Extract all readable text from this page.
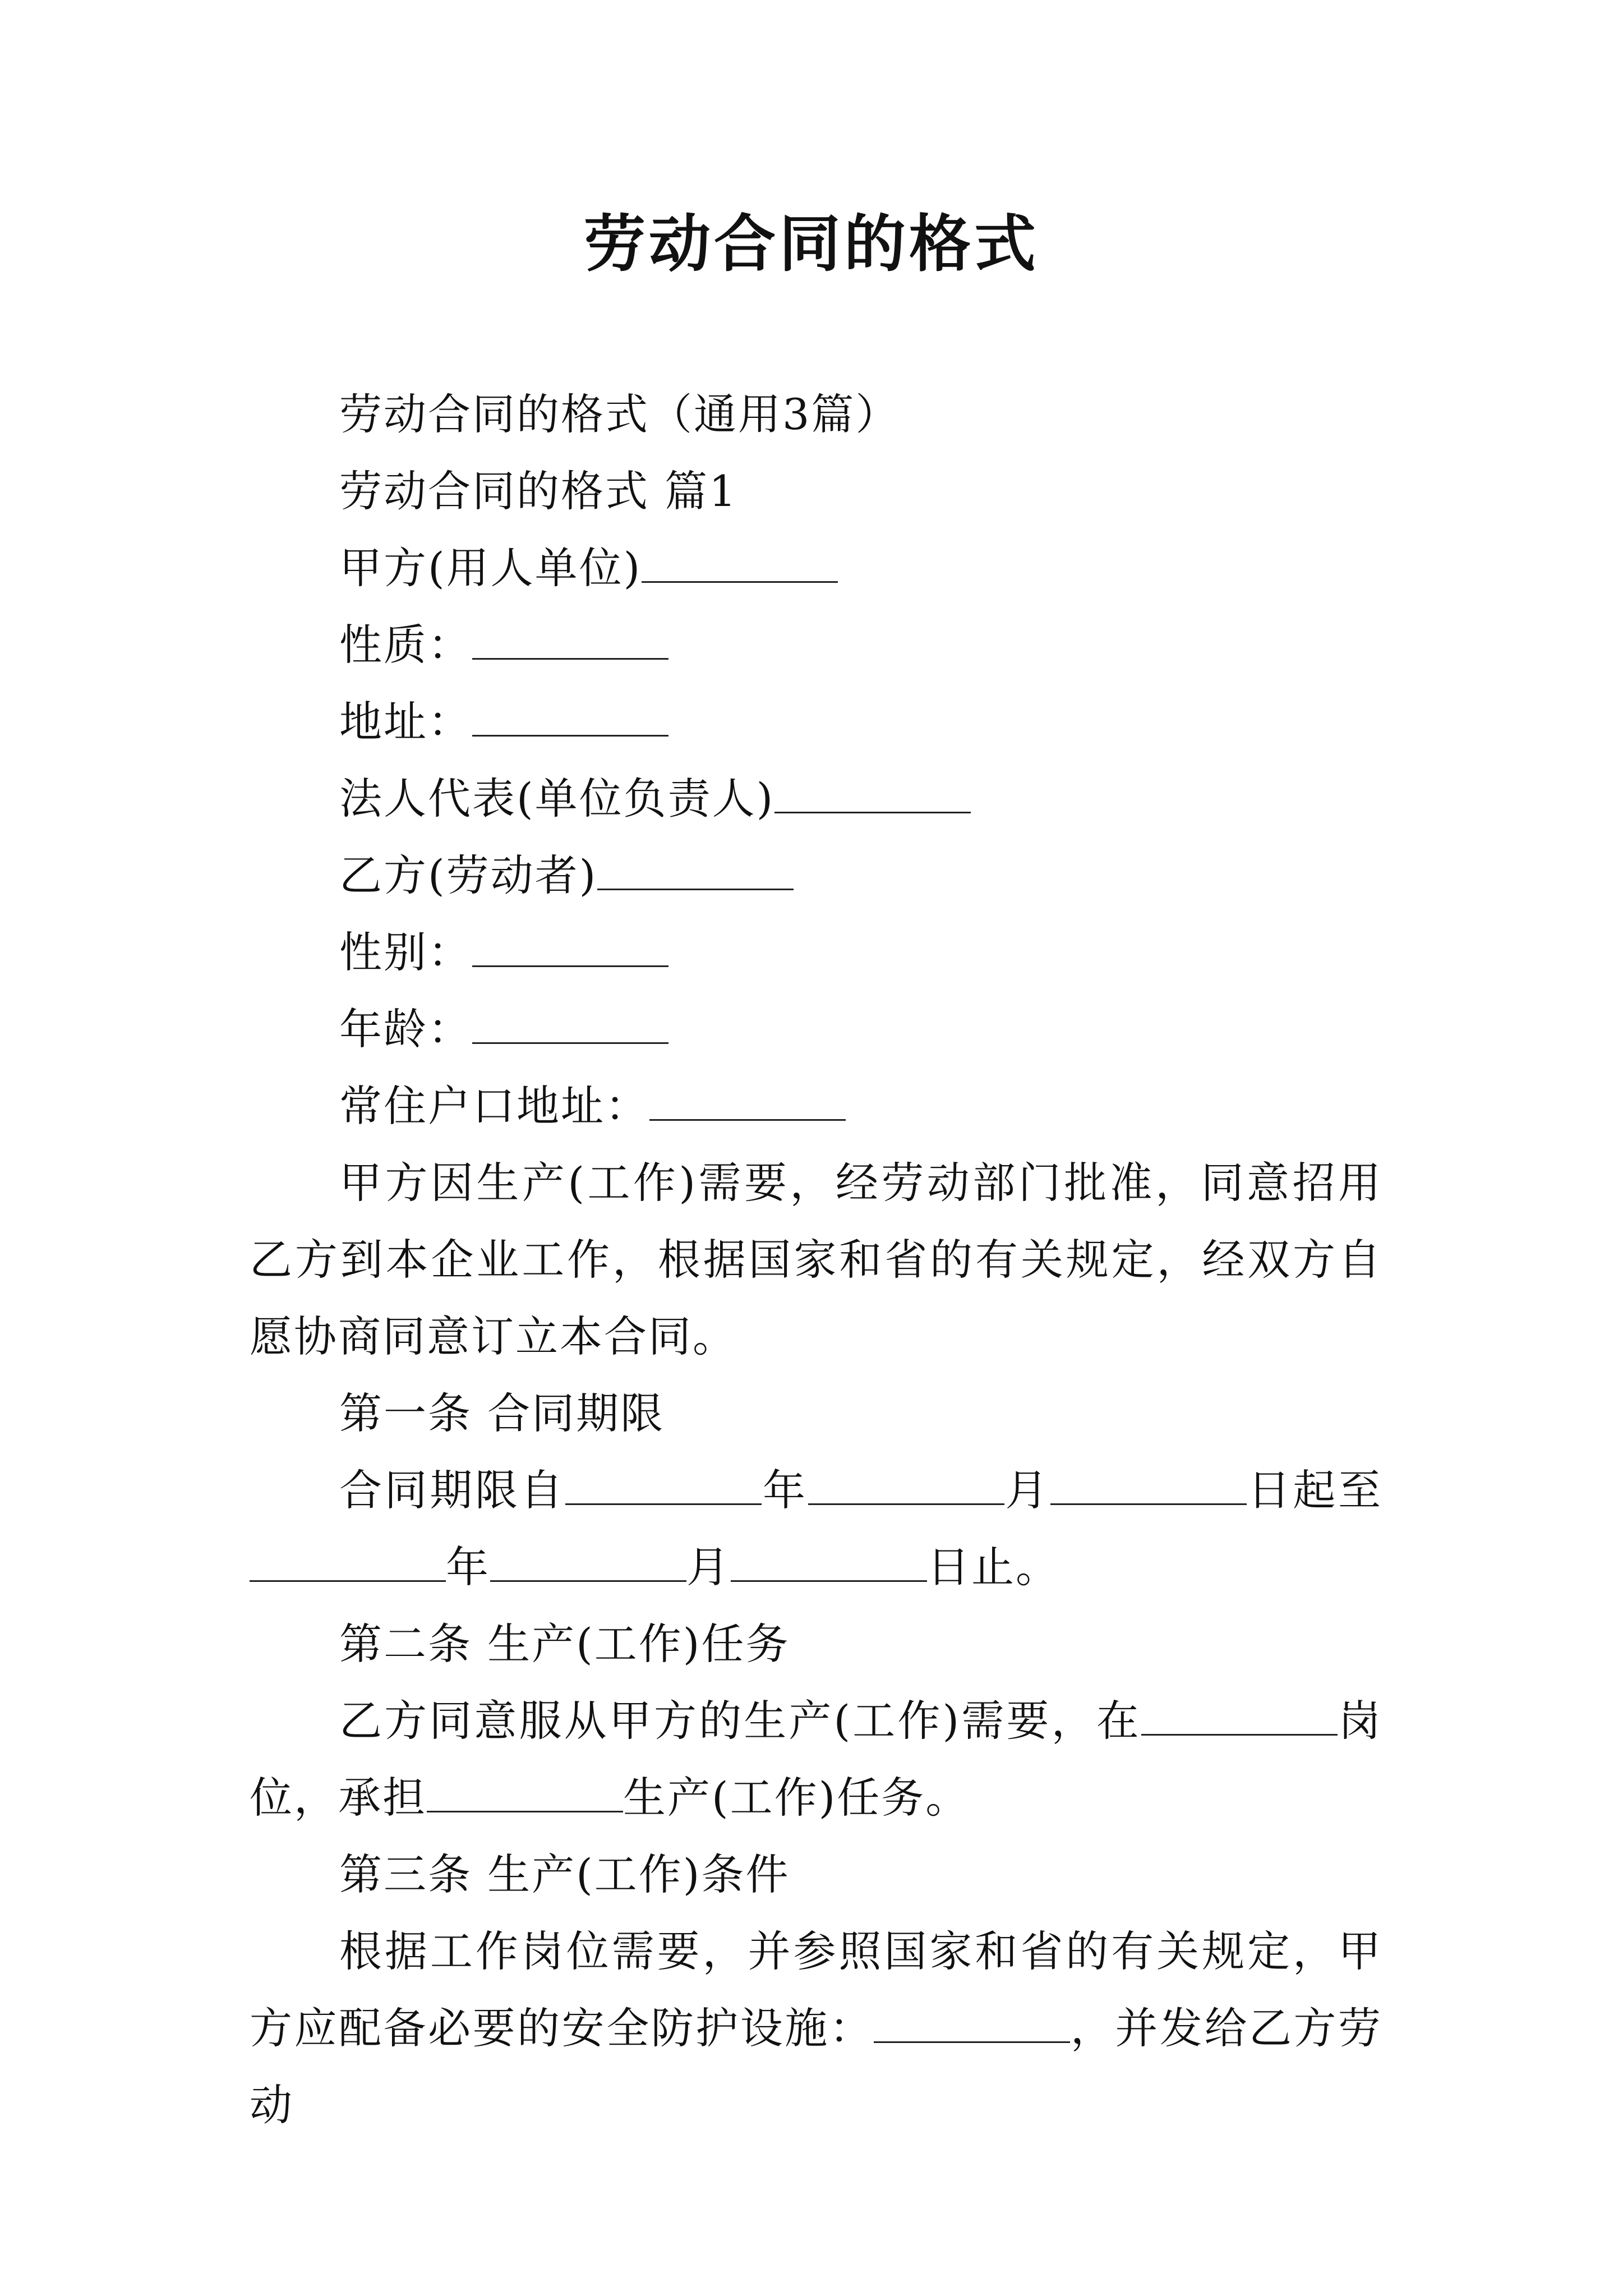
劳动合同的格式

劳动合同的格式（通用3篇）

劳动合同的格式 篇1

甲方(用人单位)

性质：

地址：

法人代表(单位负责人)

乙方(劳动者)

性别：

年龄：

常住户口地址：

甲方因生产(工作)需要，经劳动部门批准，同意招用乙方到本企业工作，根据国家和省的有关规定，经双方自愿协商同意订立本合同。

第一条 合同期限

合同期限自	年	月	日起至年	月	日止。

第二条 生产(工作)任务

乙方同意服从甲方的生产(工作)需要，在	岗位，承担	生产(工作)任务。

第三条 生产(工作)条件

根据工作岗位需要，并参照国家和省的有关规定，甲方应配备必要的安全防护设施：	，并发给乙方劳动
